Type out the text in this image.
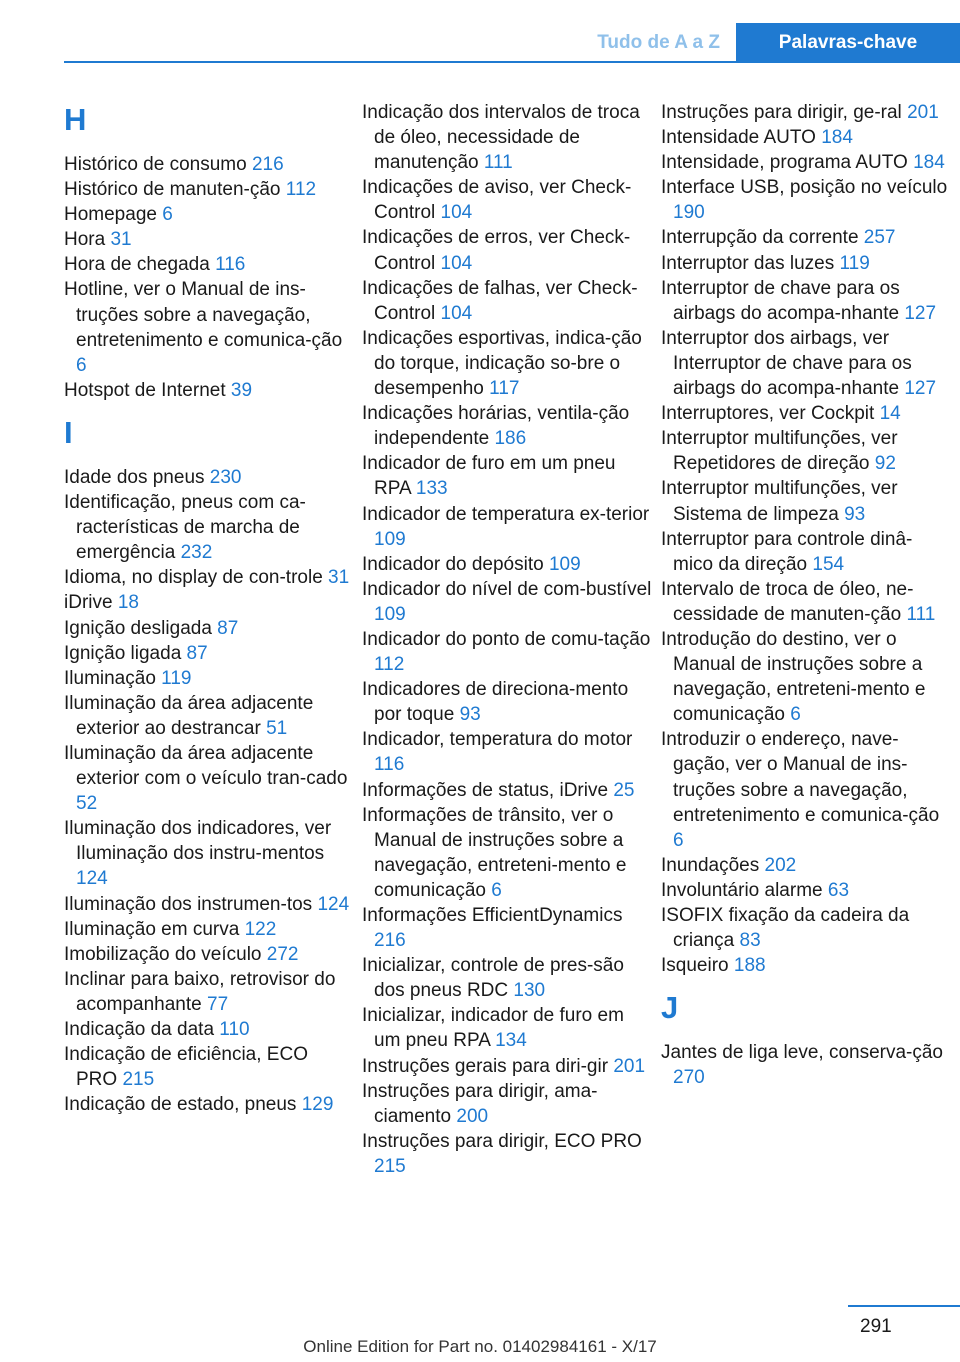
Tudo de A a Z	Palavras-chave
H
Histórico de consumo 216
Histórico de manuten‐ção 112
Homepage 6
Hora 31
Hora de chegada 116
Hotline, ver o Manual de ins‐truções sobre a navegação, entretenimento e comunica‐ção 6
Hotspot de Internet 39
I
Idade dos pneus 230
Identificação, pneus com ca‐racterísticas de marcha de emergência 232
Idioma, no display de con‐trole 31
iDrive 18
Ignição desligada 87
Ignição ligada 87
Iluminação 119
Iluminação da área adjacente exterior ao destrancar 51
Iluminação da área adjacente exterior com o veículo tran‐cado 52
Iluminação dos indicadores, ver Iluminação dos instru‐mentos 124
Iluminação dos instrumen‐tos 124
Iluminação em curva 122
Imobilização do veículo 272
Inclinar para baixo, retrovisor do acompanhante 77
Indicação da data 110
Indicação de eficiência, ECO PRO 215
Indicação de estado, pneus 129
Indicação dos intervalos de troca de óleo, necessidade de manutenção 111
Indicações de aviso, ver Check-Control 104
Indicações de erros, ver Check-Control 104
Indicações de falhas, ver Check-Control 104
Indicações esportivas, indica‐ção do torque, indicação so‐bre o desempenho 117
Indicações horárias, ventila‐ção independente 186
Indicador de furo em um pneu RPA 133
Indicador de temperatura ex‐terior 109
Indicador do depósito 109
Indicador do nível de com‐bustível 109
Indicador do ponto de comu‐tação 112
Indicadores de direciona‐mento por toque 93
Indicador, temperatura do motor 116
Informações de status, iDrive 25
Informações de trânsito, ver o Manual de instruções sobre a navegação, entreteni‐mento e comunicação 6
Informações EfficientDynamics 216
Inicializar, controle de pres‐são dos pneus RDC 130
Inicializar, indicador de furo em um pneu RPA 134
Instruções gerais para diri‐gir 201
Instruções para dirigir, ama‐ciamento 200
Instruções para dirigir, ECO PRO 215
Instruções para dirigir, ge‐ral 201
Intensidade AUTO 184
Intensidade, programa AUTO 184
Interface USB, posição no veículo 190
Interrupção da corrente 257
Interruptor das luzes 119
Interruptor de chave para os airbags do acompa‐nhante 127
Interruptor dos airbags, ver Interruptor de chave para os airbags do acompa‐nhante 127
Interruptores, ver Cockpit 14
Interruptor multifunções, ver Repetidores de direção 92
Interruptor multifunções, ver Sistema de limpeza 93
Interruptor para controle dinâ‐mico da direção 154
Intervalo de troca de óleo, ne‐cessidade de manuten‐ção 111
Introdução do destino, ver o Manual de instruções sobre a navegação, entreteni‐mento e comunicação 6
Introduzir o endereço, nave‐gação, ver o Manual de ins‐truções sobre a navegação, entretenimento e comunica‐ção 6
Inundações 202
Involuntário alarme 63
ISOFIX fixação da cadeira da criança 83
Isqueiro 188
J
Jantes de liga leve, conserva‐ção 270
291
Online Edition for Part no. 01402984161 - X/17
